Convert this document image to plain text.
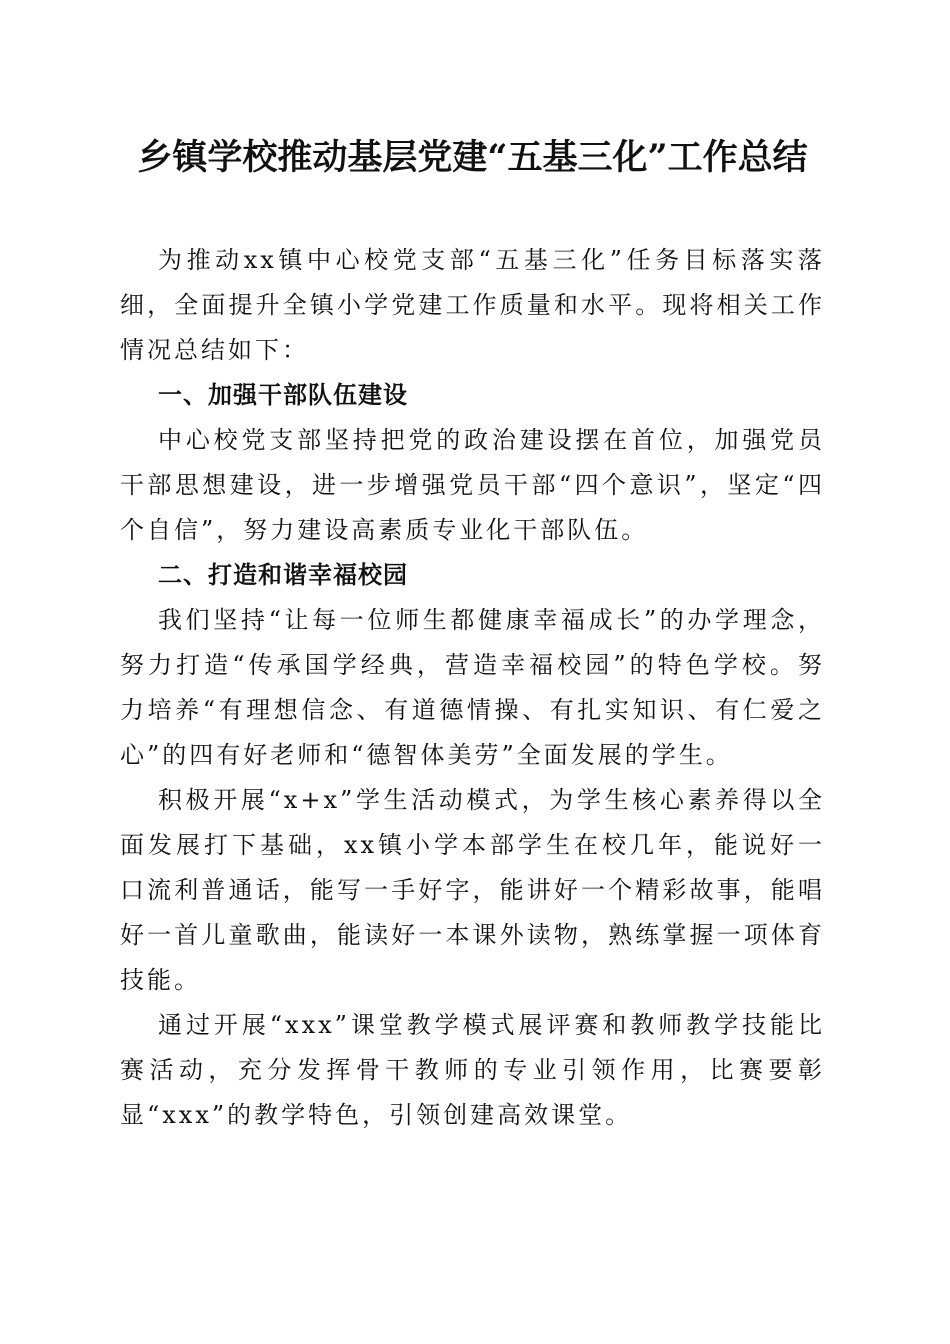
乡镇学校推动基层党建“五基三化”工作总结

为推动xx镇中心校党支部“五基三化”任务目标落实落细，全面提升全镇小学党建工作质量和水平。现将相关工作情况总结如下：

一、加强干部队伍建设

中心校党支部坚持把党的政治建设摆在首位，加强党员干部思想建设，进一步增强党员干部“四个意识”，坚定“四个自信”，努力建设高素质专业化干部队伍。

二、打造和谐幸福校园

我们坚持“让每一位师生都健康幸福成长”的办学理念，努力打造“传承国学经典，营造幸福校园”的特色学校。努力培养“有理想信念、有道德情操、有扎实知识、有仁爱之心”的四有好老师和“德智体美劳”全面发展的学生。

积极开展“x+x”学生活动模式，为学生核心素养得以全面发展打下基础，xx镇小学本部学生在校几年，能说好一口流利普通话，能写一手好字，能讲好一个精彩故事，能唱好一首儿童歌曲，能读好一本课外读物，熟练掌握一项体育技能。

通过开展“xxx”课堂教学模式展评赛和教师教学技能比赛活动，充分发挥骨干教师的专业引领作用，比赛要彰显“xxx”的教学特色，引领创建高效课堂。
